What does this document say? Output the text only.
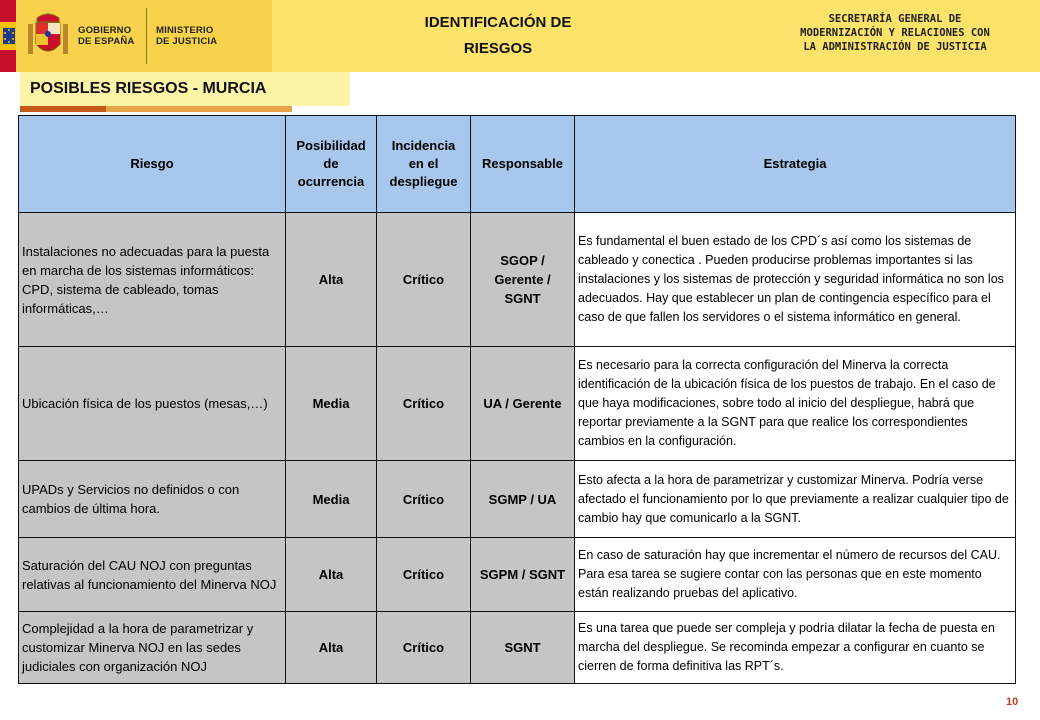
GOBIERNO
DE ESPAÑA
MINISTERIO
DE JUSTICIA
IDENTIFICACIÓN DE
RIESGOS
SECRETARÍA GENERAL DE
MODERNIZACIÓN Y RELACIONES CON
LA ADMINISTRACIÓN DE JUSTICIA
POSIBLES RIESGOS - MURCIA
Riesgo	Posibilidad de ocurrencia	Incidencia en el despliegue	Responsable	Estrategia
Instalaciones no adecuadas para la puesta en marcha de los sistemas informáticos: CPD, sistema de cableado, tomas informáticas,…	Alta	Crítico	SGOP / Gerente / SGNT	Es fundamental el buen estado de los CPD´s así como los sistemas de cableado y conectica . Pueden producirse problemas importantes si las instalaciones y los sistemas de protección y seguridad informática no son los adecuados. Hay que establecer un plan de contingencia específico para el caso de que fallen los servidores o el sistema informático en general.
Ubicación física de los puestos (mesas,…)	Media	Crítico	UA / Gerente	Es necesario para la correcta configuración del Minerva la correcta identificación de la ubicación física de los puestos de trabajo. En el caso de que haya modificaciones, sobre todo al inicio del despliegue, habrá que reportar previamente a la SGNT para que realice los correspondientes cambios en la configuración.
UPADs y Servicios no definidos o con cambios de última hora.	Media	Crítico	SGMP / UA	Esto afecta a la hora de parametrizar y customizar Minerva. Podría verse afectado el funcionamiento por lo que previamente a realizar cualquier tipo de cambio hay que comunicarlo a la SGNT.
Saturación del CAU NOJ con preguntas relativas al funcionamiento del Minerva NOJ	Alta	Crítico	SGPM / SGNT	En caso de saturación hay que incrementar el número de recursos del CAU. Para esa tarea se sugiere contar con las personas que en este momento están realizando pruebas del aplicativo.
Complejidad a la hora de parametrizar y customizar Minerva NOJ en las sedes judiciales con organización NOJ	Alta	Crítico	SGNT	Es una tarea que puede ser compleja y podría dilatar la fecha de puesta en marcha del despliegue. Se recominda empezar a configurar en cuanto se cierren de forma definitiva las RPT´s.
10
